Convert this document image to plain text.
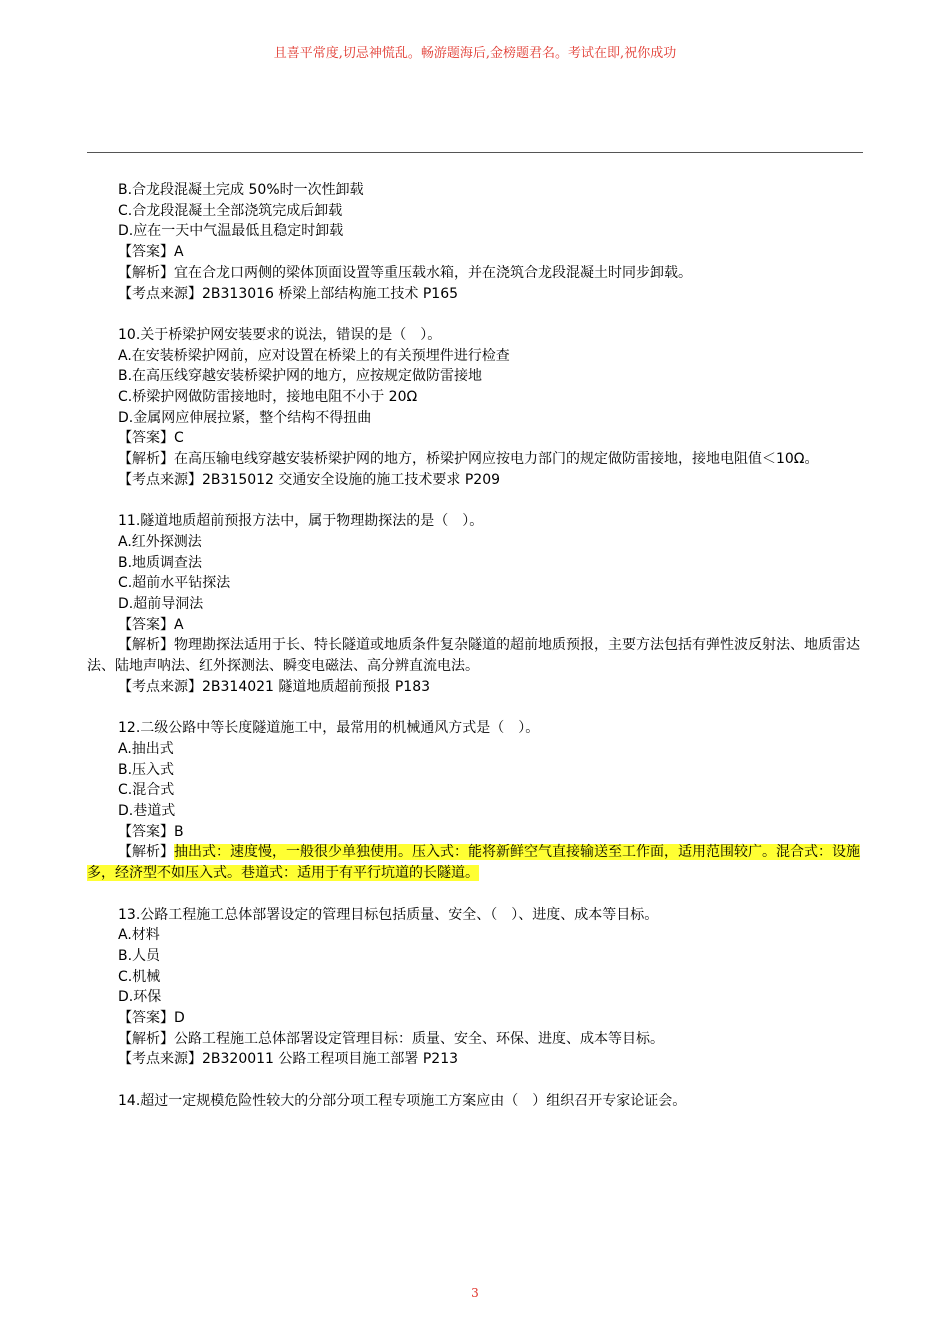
且喜平常度,切忌神慌乱。畅游题海后,金榜题君名。考试在即,祝你成功
B.合龙段混凝土完成 50%时一次性卸载
C.合龙段混凝土全部浇筑完成后卸载
D.应在一天中气温最低且稳定时卸载
【答案】A
【解析】宜在合龙口两侧的梁体顶面设置等重压载水箱，并在浇筑合龙段混凝土时同步卸载。
【考点来源】2B313016 桥梁上部结构施工技术 P165
10.关于桥梁护网安装要求的说法，错误的是（　）。
A.在安装桥梁护网前，应对设置在桥梁上的有关预埋件进行检查
B.在高压线穿越安装桥梁护网的地方，应按规定做防雷接地
C.桥梁护网做防雷接地时，接地电阻不小于 20Ω
D.金属网应伸展拉紧，整个结构不得扭曲
【答案】C
【解析】在高压输电线穿越安装桥梁护网的地方，桥梁护网应按电力部门的规定做防雷接地，接地电阻值＜10Ω。
【考点来源】2B315012 交通安全设施的施工技术要求 P209
11.隧道地质超前预报方法中，属于物理勘探法的是（　）。
A.红外探测法
B.地质调查法
C.超前水平钻探法
D.超前导洞法
【答案】A
【解析】物理勘探法适用于长、特长隧道或地质条件复杂隧道的超前地质预报，主要方法包括有弹性波反射法、地质雷达法、陆地声呐法、红外探测法、瞬变电磁法、高分辨直流电法。
【考点来源】2B314021 隧道地质超前预报 P183
12.二级公路中等长度隧道施工中，最常用的机械通风方式是（　）。
A.抽出式
B.压入式
C.混合式
D.巷道式
【答案】B
【解析】抽出式：速度慢，一般很少单独使用。压入式：能将新鲜空气直接输送至工作面，适用范围较广。混合式：设施多，经济型不如压入式。巷道式：适用于有平行坑道的长隧道。
13.公路工程施工总体部署设定的管理目标包括质量、安全、（　）、进度、成本等目标。
A.材料
B.人员
C.机械
D.环保
【答案】D
【解析】公路工程施工总体部署设定管理目标：质量、安全、环保、进度、成本等目标。
【考点来源】2B320011 公路工程项目施工部署 P213
14.超过一定规模危险性较大的分部分项工程专项施工方案应由（　）组织召开专家论证会。
3
